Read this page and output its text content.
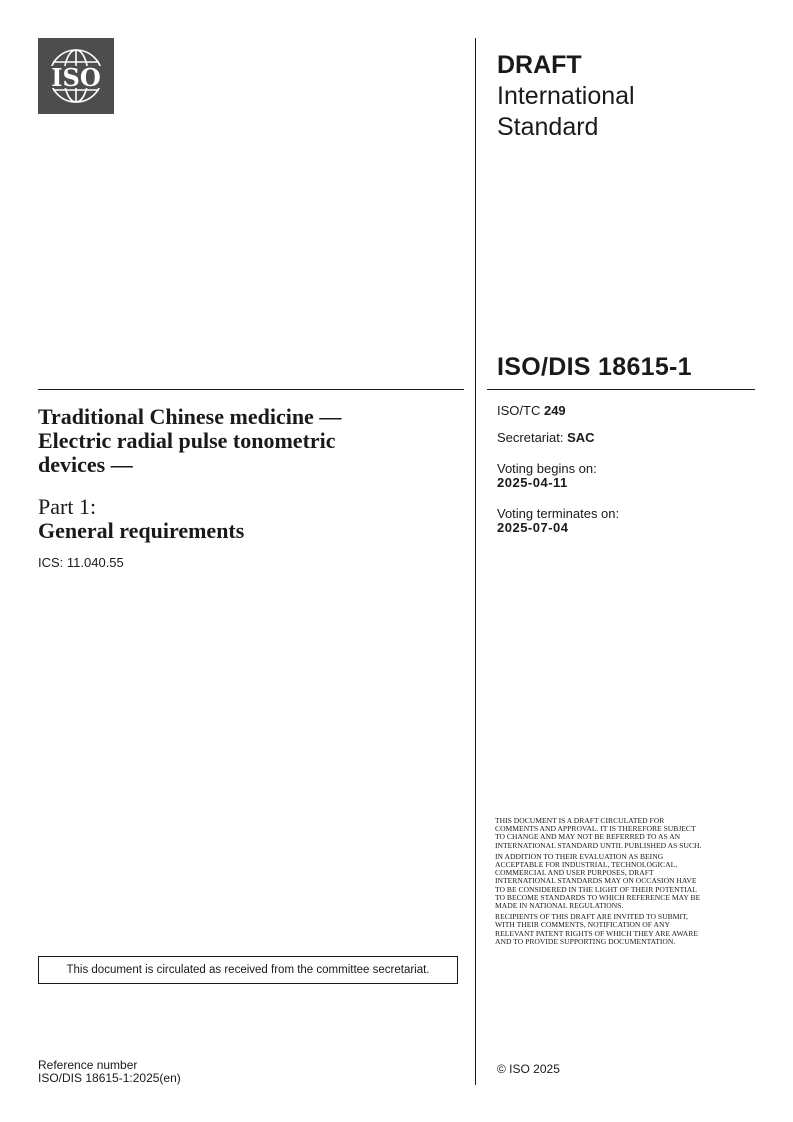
ISO	DRAFT
International
Standard
ISO/DIS 18615-1
ISO/TC 249
Secretariat: SAC
Voting begins on:
2025-04-11
Voting terminates on:
2025-07-04
Traditional Chinese medicine —
Electric radial pulse tonometric
devices —
Part 1:
General requirements
ICS: 11.040.55

THIS DOCUMENT IS A DRAFT CIRCULATED FOR COMMENTS AND APPROVAL. IT IS THEREFORE SUBJECT TO CHANGE AND MAY NOT BE REFERRED TO AS AN INTERNATIONAL STANDARD UNTIL PUBLISHED AS SUCH.

IN ADDITION TO THEIR EVALUATION AS BEING ACCEPTABLE FOR INDUSTRIAL, TECHNOLOGICAL, COMMERCIAL AND USER PURPOSES, DRAFT INTERNATIONAL STANDARDS MAY ON OCCASION HAVE TO BE CONSIDERED IN THE LIGHT OF THEIR POTENTIAL TO BECOME STANDARDS TO WHICH REFERENCE MAY BE MADE IN NATIONAL REGULATIONS.

RECIPIENTS OF THIS DRAFT ARE INVITED TO SUBMIT, WITH THEIR COMMENTS, NOTIFICATION OF ANY RELEVANT PATENT RIGHTS OF WHICH THEY ARE AWARE AND TO PROVIDE SUPPORTING DOCUMENTATION.

This document is circulated as received from the committee secretariat.
Reference number
ISO/DIS 18615-1:2025(en)
© ISO 2025
